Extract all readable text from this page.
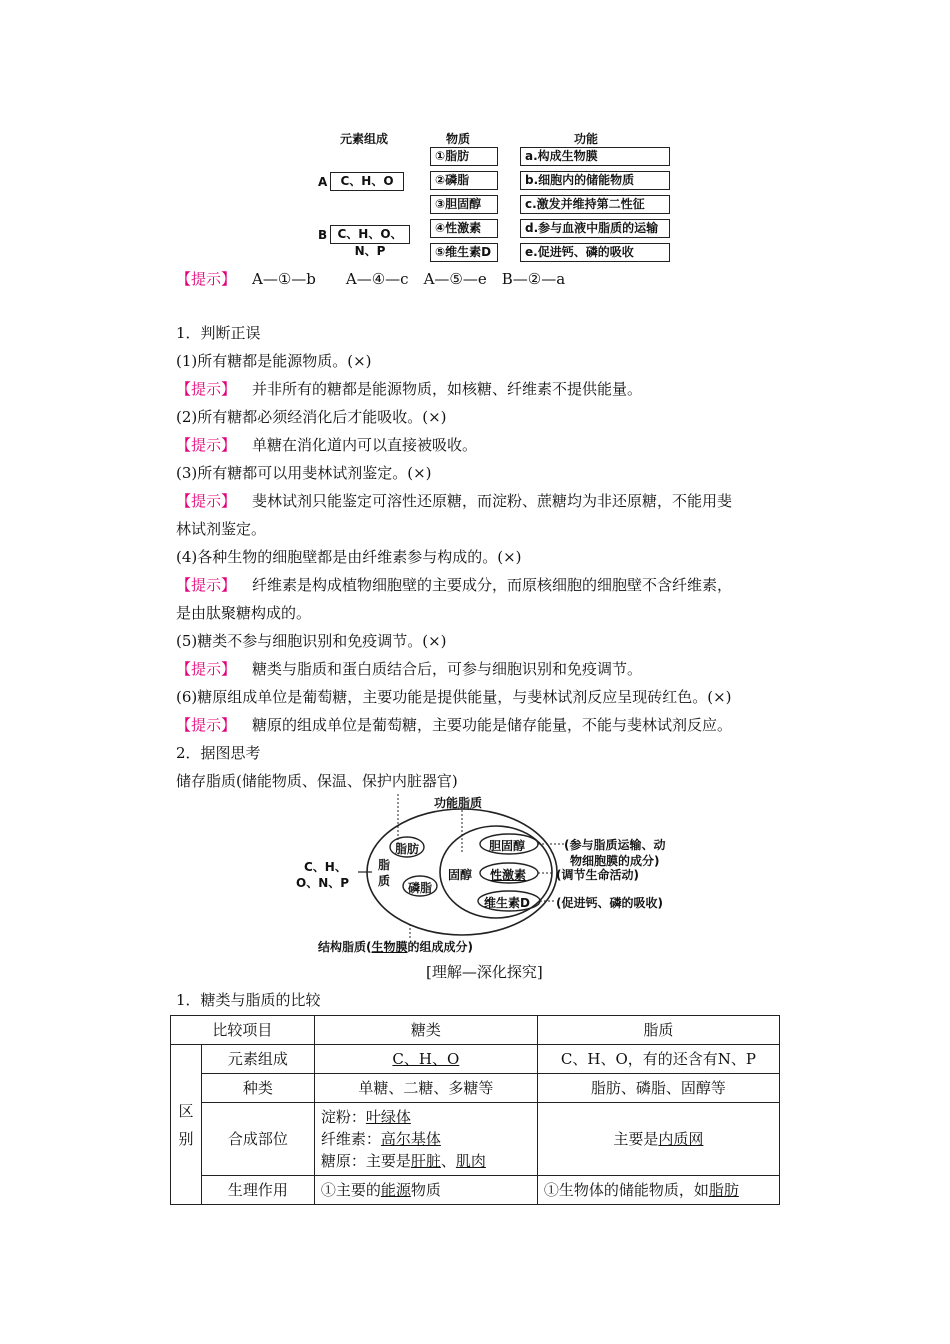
元素组成	物质	功能
A	C、H、O
B C、H、O、N、P
①脂肪
②磷脂
③胆固醇
④性激素
⑤维生素D
a.构成生物膜
b.细胞内的储能物质
c.激发并维持第二性征
d.参与血液中脂质的运输
e.促进钙、磷的吸收
【提示】 A—①—b　　A—④—c　A—⑤—e　B—②—a
1．判断正误
(1)所有糖都是能源物质。(×)
【提示】 并非所有的糖都是能源物质，如核糖、纤维素不提供能量。
(2)所有糖都必须经消化后才能吸收。(×)
【提示】 单糖在消化道内可以直接被吸收。
(3)所有糖都可以用斐林试剂鉴定。(×)
【提示】 斐林试剂只能鉴定可溶性还原糖，而淀粉、蔗糖均为非还原糖，不能用斐
林试剂鉴定。
(4)各种生物的细胞壁都是由纤维素参与构成的。(×)
【提示】 纤维素是构成植物细胞壁的主要成分，而原核细胞的细胞壁不含纤维素，
是由肽聚糖构成的。
(5)糖类不参与细胞识别和免疫调节。(×)
【提示】 糖类与脂质和蛋白质结合后，可参与细胞识别和免疫调节。
(6)糖原组成单位是葡萄糖，主要功能是提供能量，与斐林试剂反应呈现砖红色。(×)
【提示】 糖原的组成单位是葡萄糖，主要功能是储存能量，不能与斐林试剂反应。
2．据图思考
储存脂质(储能物质、保温、保护内脏器官)
功能脂质
C、H、
O、N、P
脂
质
脂肪
磷脂
固醇
胆固醇
性激素
维生素D
(参与脂质运输、动
物细胞膜的成分)
(调节生命活动)
(促进钙、磷的吸收)
结构脂质(生物膜的组成成分)
[理解—深化探究]
1．糖类与脂质的比较
比较项目		糖类	脂质
区别	元素组成	C、H、O	C、H、O，有的还含有N、P
	种类	单糖、二糖、多糖等	脂肪、磷脂、固醇等
	合成部位	淀粉：叶绿体
纤维素：高尔基体
糖原：主要是肝脏、肌肉	主要是内质网
	生理作用	①主要的能源物质	①生物体的储能物质，如脂肪
